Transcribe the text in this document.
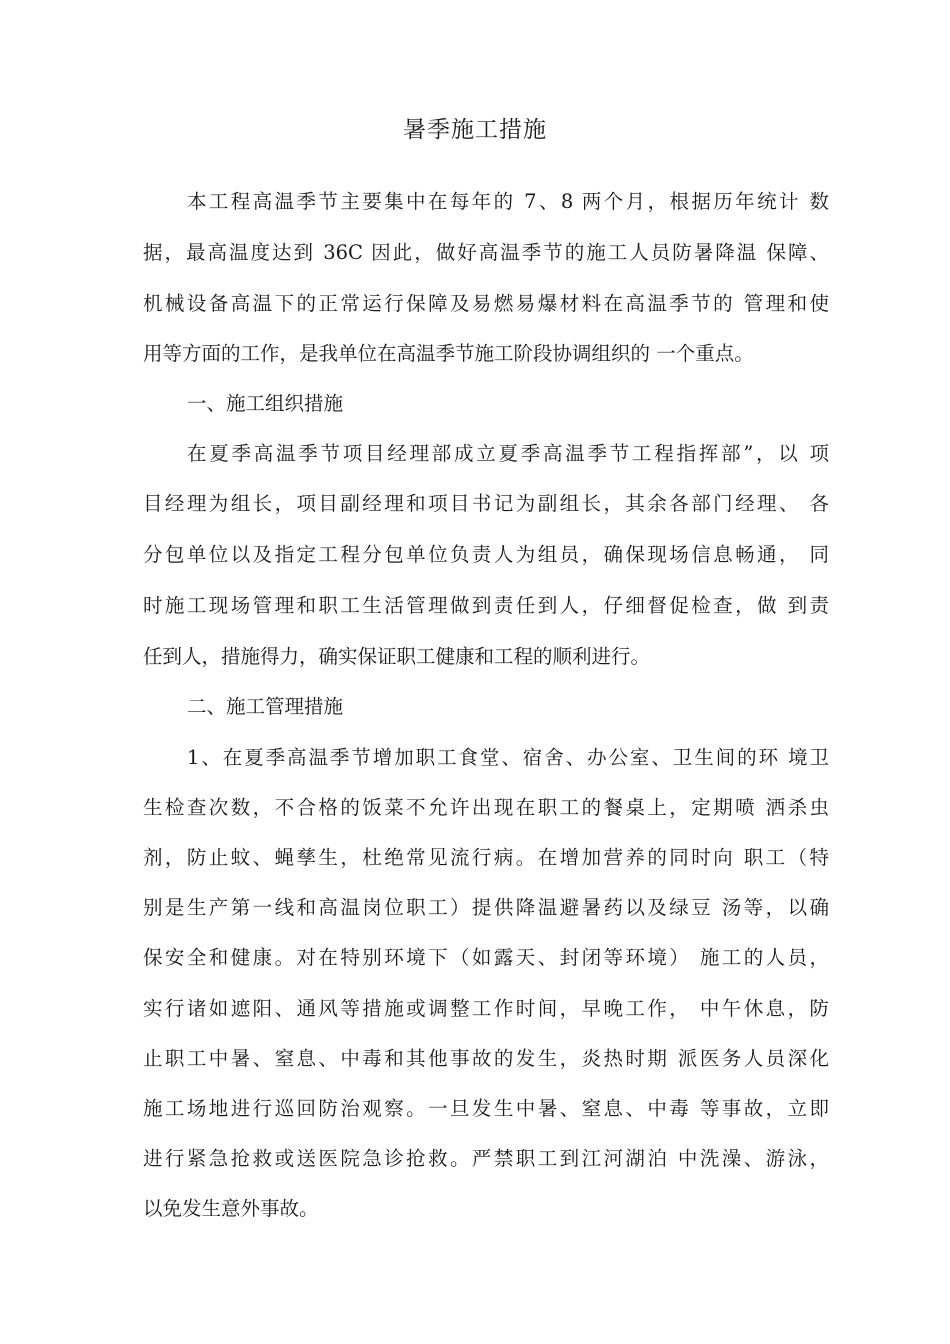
暑季施工措施
本工程高温季节主要集中在每年的 7、8 两个月，根据历年统计 数
据，最高温度达到 36C 因此，做好高温季节的施工人员防暑降温 保障、
机械设备高温下的正常运行保障及易燃易爆材料在高温季节的 管理和使
用等方面的工作，是我单位在高温季节施工阶段协调组织的 一个重点。
一、施工组织措施
在夏季高温季节项目经理部成立夏季高温季节工程指挥部”，以 项
目经理为组长，项目副经理和项目书记为副组长，其余各部门经理、 各
分包单位以及指定工程分包单位负责人为组员，确保现场信息畅通， 同
时施工现场管理和职工生活管理做到责任到人，仔细督促检查，做 到责
任到人，措施得力，确实保证职工健康和工程的顺利进行。
二、施工管理措施
1、在夏季高温季节增加职工食堂、宿舍、办公室、卫生间的环 境卫
生检查次数，不合格的饭菜不允许出现在职工的餐桌上，定期喷 洒杀虫
剂，防止蚊、蝇孳生，杜绝常见流行病。在增加营养的同时向 职工（特
别是生产第一线和高温岗位职工）提供降温避暑药以及绿豆 汤等，以确
保安全和健康。对在特别环境下（如露天、封闭等环境） 施工的人员，
实行诸如遮阳、通风等措施或调整工作时间，早晚工作， 中午休息，防
止职工中暑、窒息、中毒和其他事故的发生，炎热时期 派医务人员深化
施工场地进行巡回防治观察。一旦发生中暑、窒息、中毒 等事故，立即
进行紧急抢救或送医院急诊抢救。严禁职工到江河湖泊 中洗澡、游泳，
以免发生意外事故。
